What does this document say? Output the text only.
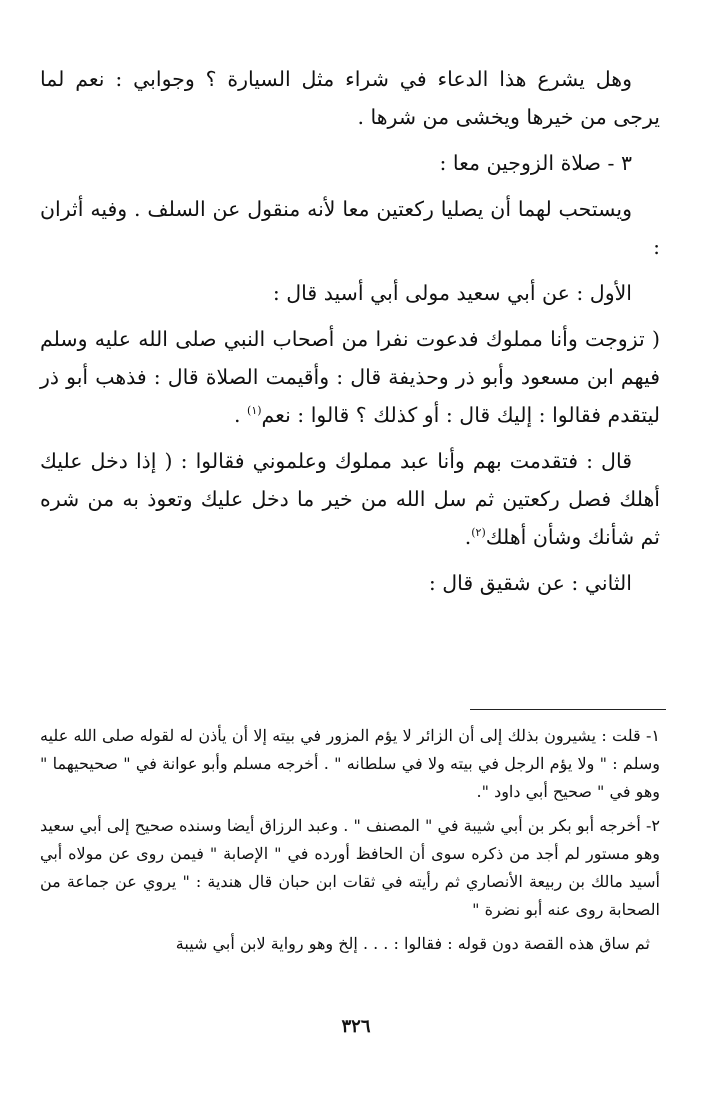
وهل يشرع هذا الدعاء في شراء مثل السيارة ؟ وجوابي : نعم لما يرجى من خيرها ويخشى من شرها .

٣ - صلاة الزوجين معا :

ويستحب لهما أن يصليا ركعتين معا لأنه منقول عن السلف . وفيه أثران :

الأول : عن أبي سعيد مولى أبي أسيد قال :

( تزوجت وأنا مملوك فدعوت نفرا من أصحاب النبي صلى الله عليه وسلم فيهم ابن مسعود وأبو ذر وحذيفة قال : وأقيمت الصلاة قال : فذهب أبو ذر ليتقدم فقالوا : إليك قال : أو كذلك ؟ قالوا : نعم$^{(١)}$ .

قال : فتقدمت بهم وأنا عبد مملوك وعلموني فقالوا : ( إذا دخل عليك أهلك فصل ركعتين ثم سل الله من خير ما دخل عليك وتعوذ به من شره ثم شأنك وشأن أهلك$^{(٢)}$.

الثاني : عن شقيق قال :

١- قلت : يشيرون بذلك إلى أن الزائر لا يؤم المزور في بيته إلا أن يأذن له لقوله صلى الله عليه وسلم : " ولا يؤم الرجل في بيته ولا في سلطانه " . أخرجه مسلم وأبو عوانة في " صحيحيهما " وهو في " صحيح أبي داود ".

٢- أخرجه أبو بكر بن أبي شيبة في " المصنف " . وعبد الرزاق أيضا وسنده صحيح إلى أبي سعيد وهو مستور لم أجد من ذكره سوى أن الحافظ أورده في " الإصابة " فيمن روى عن مولاه أبي أسيد مالك بن ربيعة الأنصاري ثم رأيته في ثقات ابن حبان قال هندية : " يروي عن جماعة من الصحابة روى عنه أبو نضرة "

ثم ساق هذه القصة دون قوله : فقالوا : . . . إلخ وهو رواية لابن أبي شيبة

٣٢٦
